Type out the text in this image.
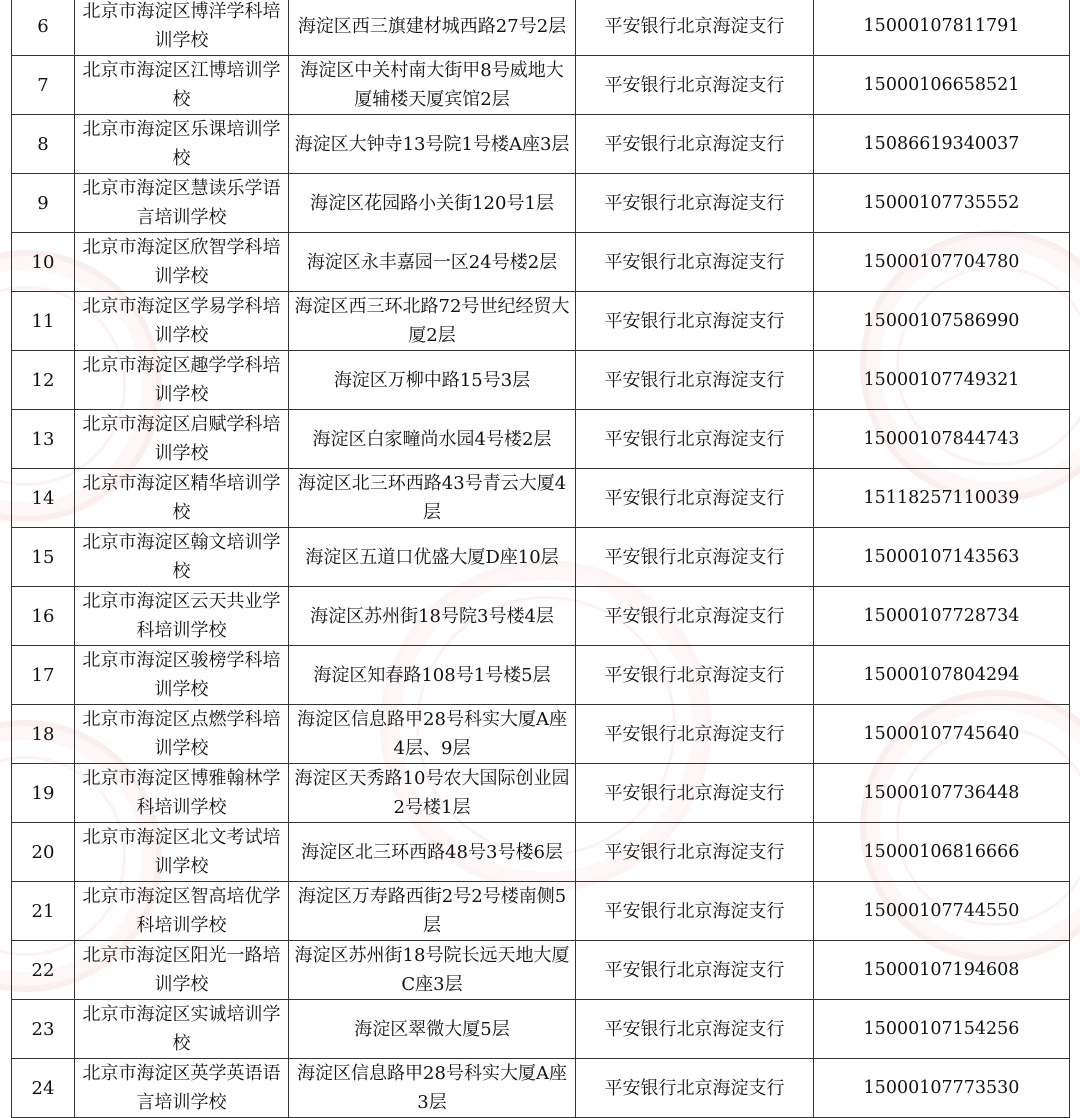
6	北京市海淀区博洋学科培训学校	海淀区西三旗建材城西路27号2层	平安银行北京海淀支行	15000107811791
7	北京市海淀区江博培训学校	海淀区中关村南大街甲8号威地大厦辅楼天厦宾馆2层	平安银行北京海淀支行	15000106658521
8	北京市海淀区乐课培训学校	海淀区大钟寺13号院1号楼A座3层	平安银行北京海淀支行	15086619340037
9	北京市海淀区慧读乐学语言培训学校	海淀区花园路小关街120号1层	平安银行北京海淀支行	15000107735552
10	北京市海淀区欣智学科培训学校	海淀区永丰嘉园一区24号楼2层	平安银行北京海淀支行	15000107704780
11	北京市海淀区学易学科培训学校	海淀区西三环北路72号世纪经贸大厦2层	平安银行北京海淀支行	15000107586990
12	北京市海淀区趣学学科培训学校	海淀区万柳中路15号3层	平安银行北京海淀支行	15000107749321
13	北京市海淀区启赋学科培训学校	海淀区白家疃尚水园4号楼2层	平安银行北京海淀支行	15000107844743
14	北京市海淀区精华培训学校	海淀区北三环西路43号青云大厦4层	平安银行北京海淀支行	15118257110039
15	北京市海淀区翰文培训学校	海淀区五道口优盛大厦D座10层	平安银行北京海淀支行	15000107143563
16	北京市海淀区云天共业学科培训学校	海淀区苏州街18号院3号楼4层	平安银行北京海淀支行	15000107728734
17	北京市海淀区骏榜学科培训学校	海淀区知春路108号1号楼5层	平安银行北京海淀支行	15000107804294
18	北京市海淀区点燃学科培训学校	海淀区信息路甲28号科实大厦A座4层、9层	平安银行北京海淀支行	15000107745640
19	北京市海淀区博雅翰林学科培训学校	海淀区天秀路10号农大国际创业园2号楼1层	平安银行北京海淀支行	15000107736448
20	北京市海淀区北文考试培训学校	海淀区北三环西路48号3号楼6层	平安银行北京海淀支行	15000106816666
21	北京市海淀区智高培优学科培训学校	海淀区万寿路西街2号2号楼南侧5层	平安银行北京海淀支行	15000107744550
22	北京市海淀区阳光一路培训学校	海淀区苏州街18号院长远天地大厦C座3层	平安银行北京海淀支行	15000107194608
23	北京市海淀区实诚培训学校	海淀区翠微大厦5层	平安银行北京海淀支行	15000107154256
24	北京市海淀区英学英语语言培训学校	海淀区信息路甲28号科实大厦A座3层	平安银行北京海淀支行	15000107773530
